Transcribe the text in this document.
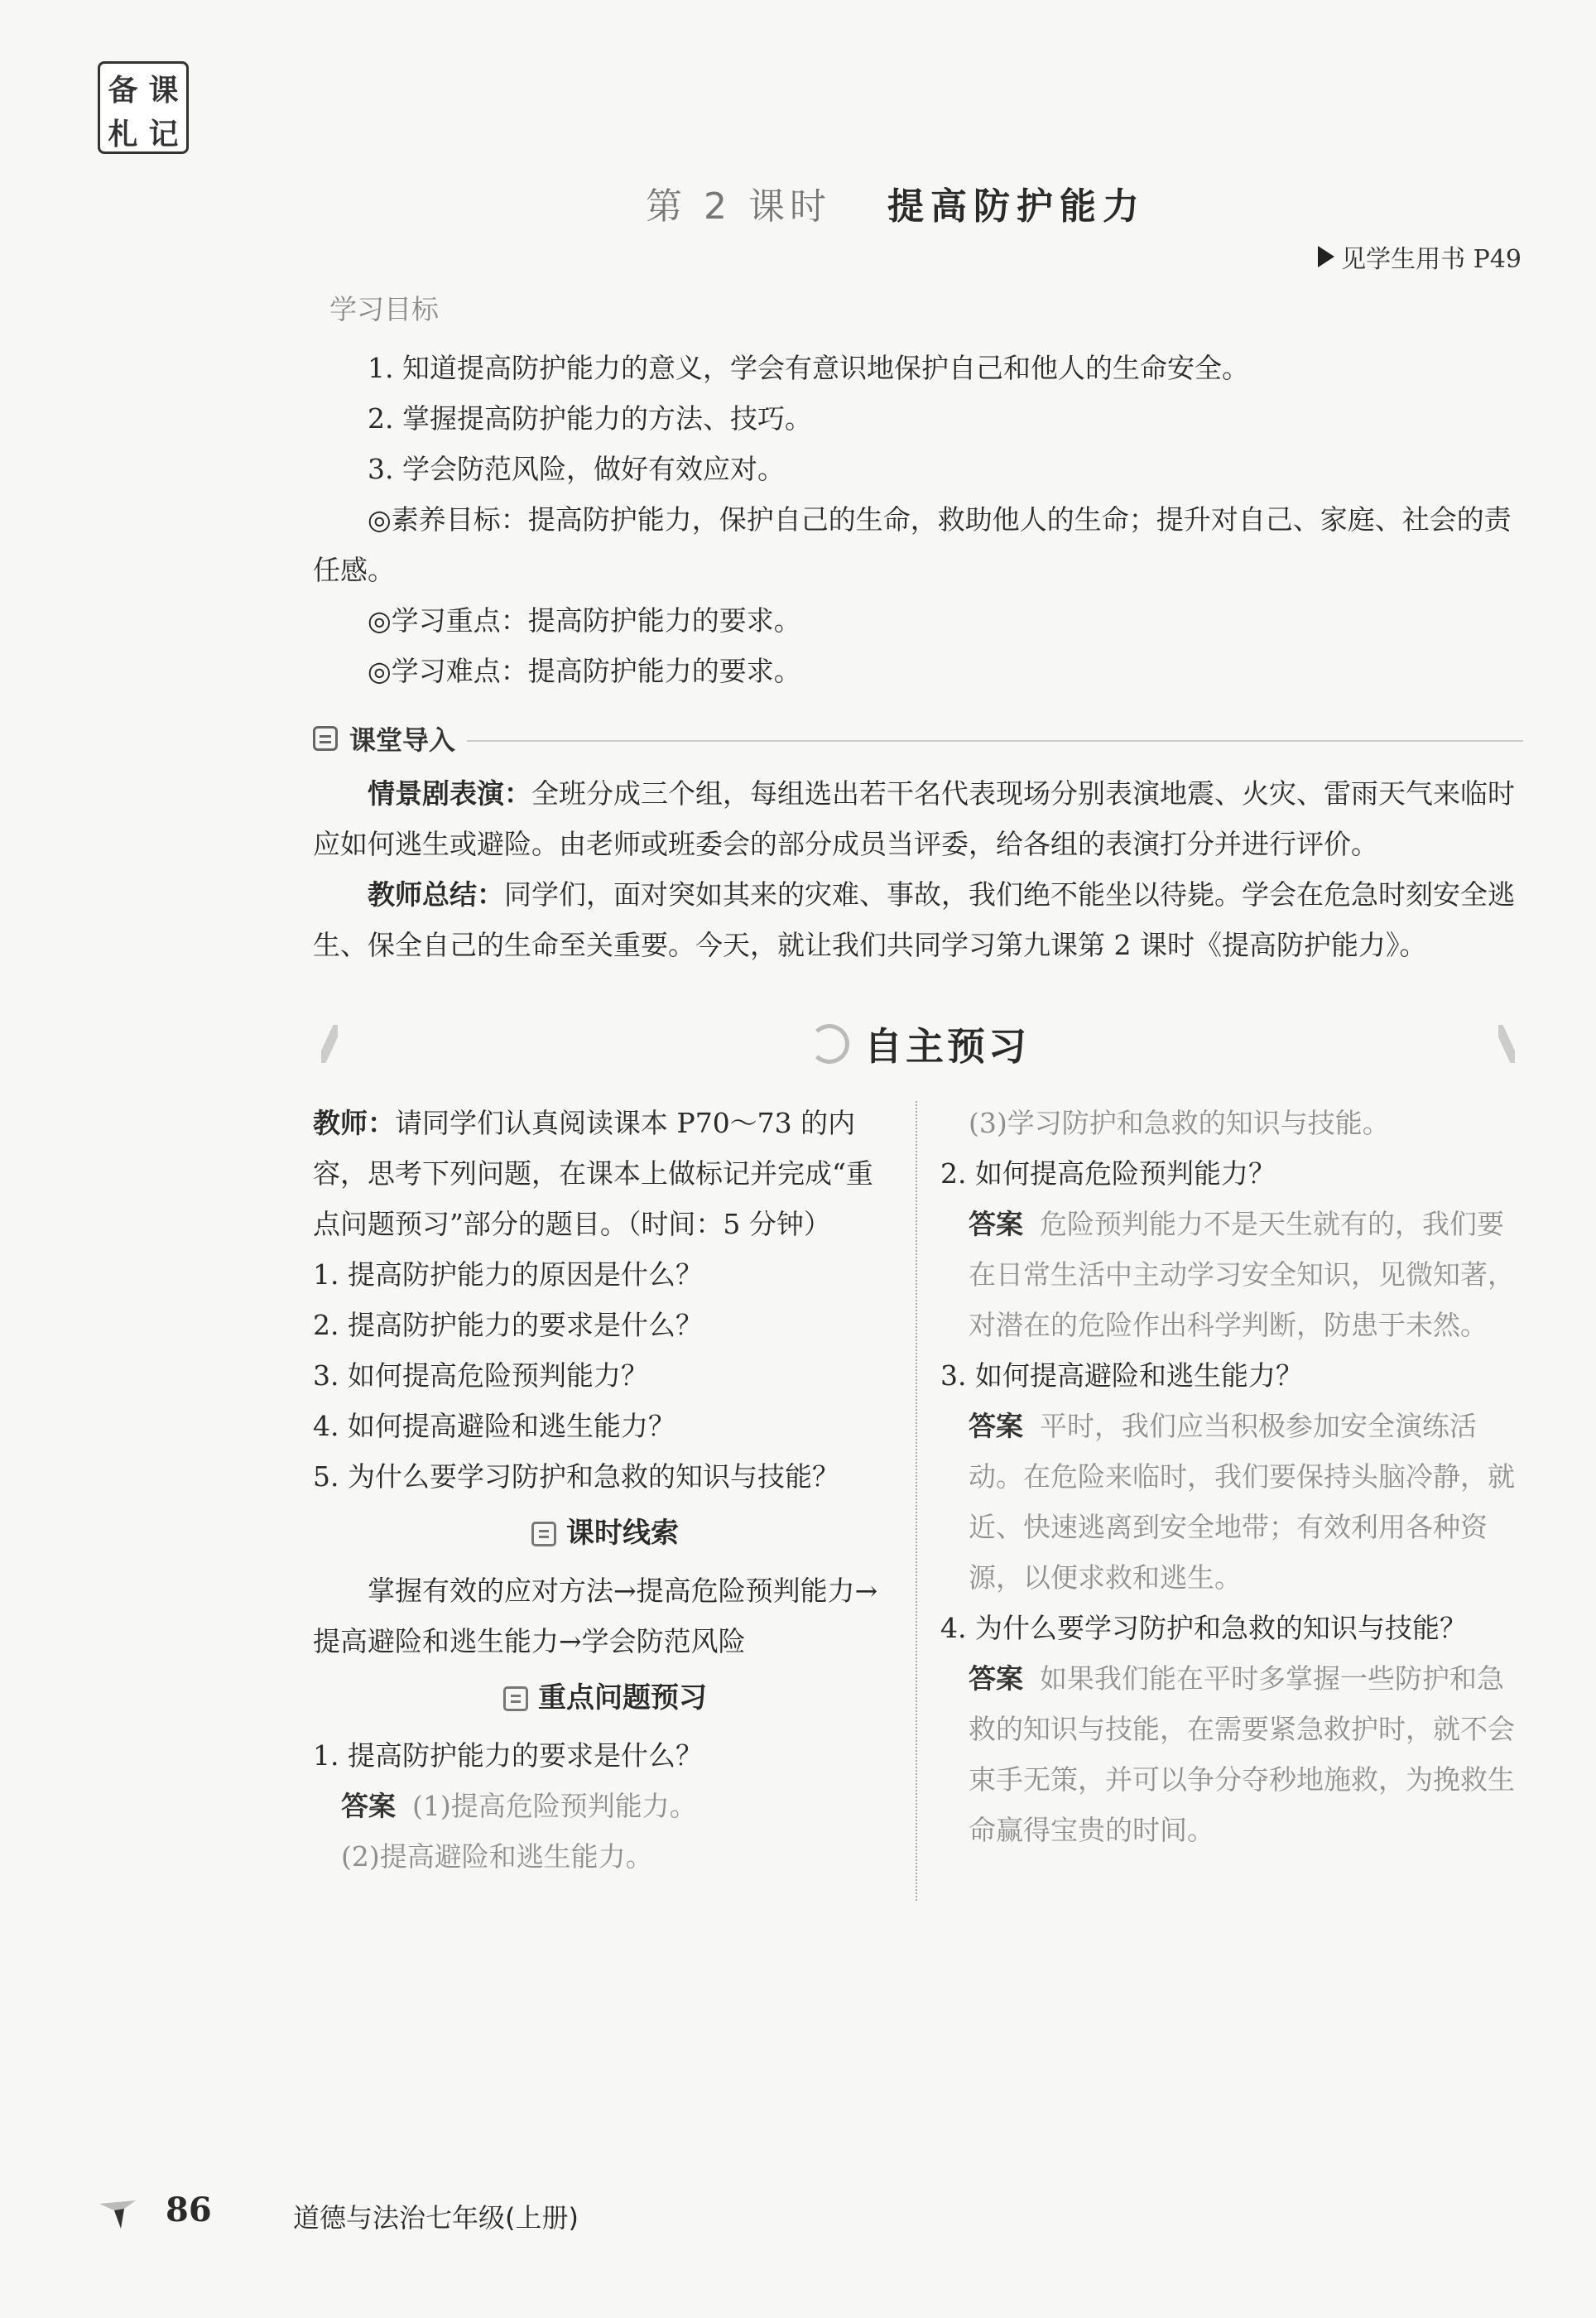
备 课
札 记
第 2 课时 提高防护能力
见学生用书 P49
学习目标
1. 知道提高防护能力的意义，学会有意识地保护自己和他人的生命安全。
2. 掌握提高防护能力的方法、技巧。
3. 学会防范风险，做好有效应对。
◎素养目标：提高防护能力，保护自己的生命，救助他人的生命；提升对自己、家庭、社会的责任感。
◎学习重点：提高防护能力的要求。
◎学习难点：提高防护能力的要求。
课堂导入
情景剧表演：全班分成三个组，每组选出若干名代表现场分别表演地震、火灾、雷雨天气来临时应如何逃生或避险。由老师或班委会的部分成员当评委，给各组的表演打分并进行评价。
教师总结：同学们，面对突如其来的灾难、事故，我们绝不能坐以待毙。学会在危急时刻安全逃生、保全自己的生命至关重要。今天，就让我们共同学习第九课第 2 课时《提高防护能力》。
自主预习
教师：请同学们认真阅读课本 P70～73 的内容，思考下列问题，在课本上做标记并完成“重点问题预习”部分的题目。（时间：5 分钟）
1. 提高防护能力的原因是什么？
2. 提高防护能力的要求是什么？
3. 如何提高危险预判能力？
4. 如何提高避险和逃生能力？
5. 为什么要学习防护和急救的知识与技能？
课时线索
掌握有效的应对方法→提高危险预判能力→提高避险和逃生能力→学会防范风险
重点问题预习
1. 提高防护能力的要求是什么？
答案 (1)提高危险预判能力。
(2)提高避险和逃生能力。
(3)学习防护和急救的知识与技能。
2. 如何提高危险预判能力？
答案 危险预判能力不是天生就有的，我们要在日常生活中主动学习安全知识，见微知著，对潜在的危险作出科学判断，防患于未然。
3. 如何提高避险和逃生能力？
答案 平时，我们应当积极参加安全演练活动。在危险来临时，我们要保持头脑冷静，就近、快速逃离到安全地带；有效利用各种资源，以便求救和逃生。
4. 为什么要学习防护和急救的知识与技能？
答案 如果我们能在平时多掌握一些防护和急救的知识与技能，在需要紧急救护时，就不会束手无策，并可以争分夺秒地施救，为挽救生命赢得宝贵的时间。
86	道德与法治七年级(上册)
